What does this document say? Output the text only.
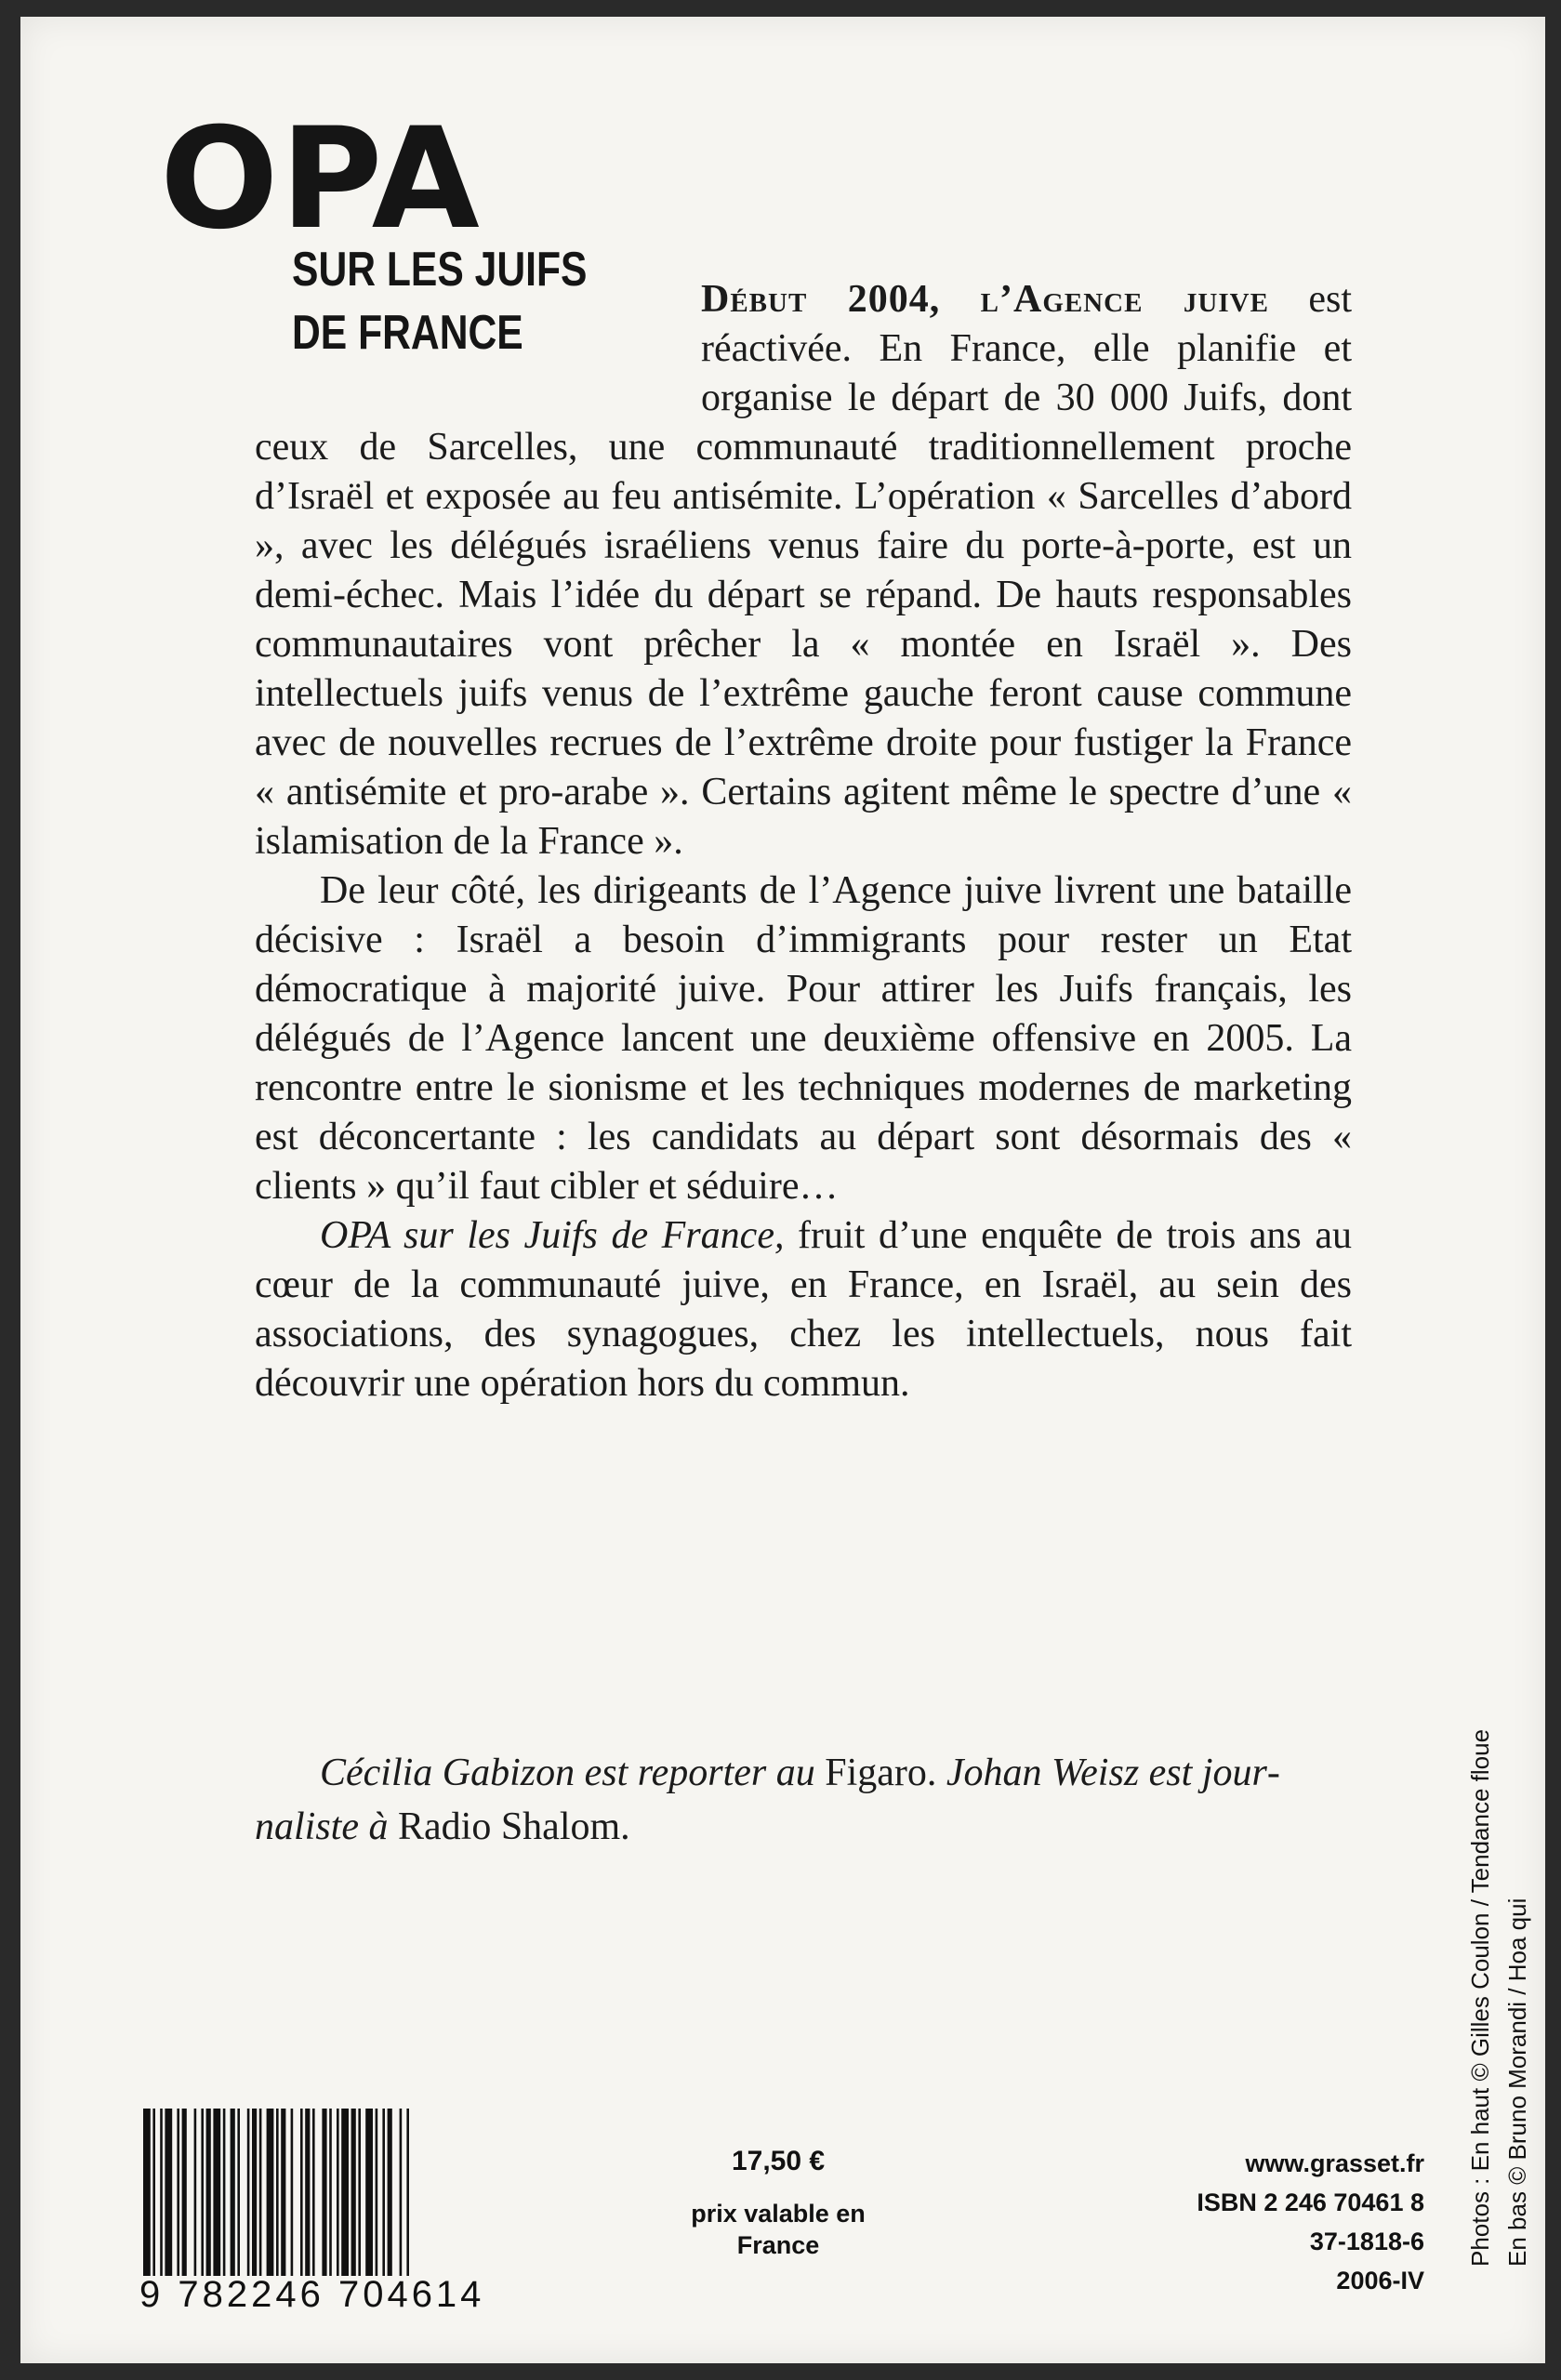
OPA
SUR LES JUIFS
DE FRANCE

Début 2004, l’Agence juive est réactivée. En France, elle planifie et organise le départ de 30 000 Juifs, dont ceux de Sarcelles, une communauté traditionnellement proche d’Israël et exposée au feu antisémite. L’opération « Sarcelles d’abord », avec les délégués israéliens venus faire du porte-à-porte, est un demi-échec. Mais l’idée du départ se répand. De hauts responsables communautaires vont prêcher la « montée en Israël ». Des intellectuels juifs venus de l’extrême gauche feront cause commune avec de nouvelles recrues de l’extrême droite pour fustiger la France « antisémite et pro-arabe ». Certains agitent même le spectre d’une « islamisation de la France ».

De leur côté, les dirigeants de l’Agence juive livrent une bataille décisive : Israël a besoin d’immigrants pour rester un Etat démocratique à majorité juive. Pour attirer les Juifs français, les délégués de l’Agence lancent une deuxième offensive en 2005. La rencontre entre le sionisme et les techniques modernes de marketing est déconcertante : les candidats au départ sont désormais des « clients » qu’il faut cibler et séduire…

OPA sur les Juifs de France, fruit d’une enquête de trois ans au cœur de la communauté juive, en France, en Israël, au sein des associations, des synagogues, chez les intellectuels, nous fait découvrir une opération hors du commun.

Cécilia Gabizon est reporter au Figaro. Johan Weisz est journaliste à Radio Shalom.
9 782246 704614
17,50 €
prix valable en
France
www.grasset.fr
ISBN 2 246 70461 8
37-1818-6
2006-IV
Photos : En haut © Gilles Coulon / Tendance floue En bas © Bruno Morandi / Hoa qui
